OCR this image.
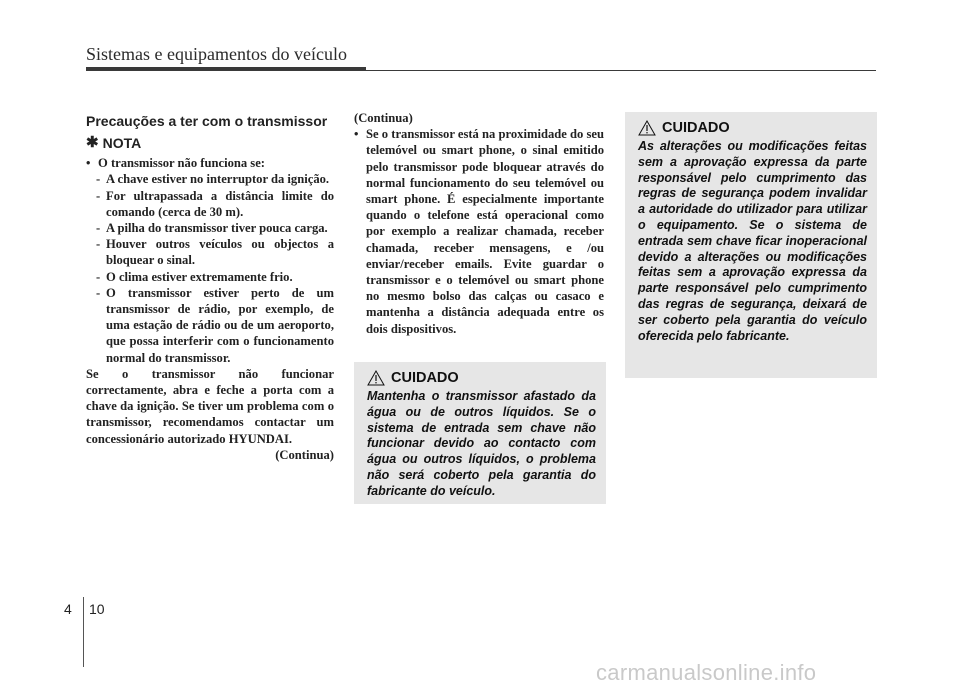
Sistemas e equipamentos do veículo
Precauções a ter com o transmissor
✱ NOTA
• O transmissor não funciona se:
- A chave estiver no interruptor da ignição.
- For ultrapassada a distância limite do comando (cerca de 30 m).
- A pilha do transmissor tiver pouca carga.
- Houver outros veículos ou objectos a bloquear o sinal.
- O clima estiver extremamente frio.
- O transmissor estiver perto de um transmissor de rádio, por exemplo, de uma estação de rádio ou de um aeroporto, que possa interferir com o funcionamento normal do transmissor.
Se o transmissor não funcionar correctamente, abra e feche a porta com a chave da ignição. Se tiver um problema com o transmissor, recomendamos contactar um concessionário autorizado HYUNDAI.
(Continua)
(Continua)
• Se o transmissor está na proximidade do seu telemóvel ou smart phone, o sinal emitido pelo transmissor pode bloquear através do normal funcionamento do seu telemóvel ou smart phone. É especialmente importante quando o telefone está operacional como por exemplo a realizar chamada, receber chamada, receber mensagens, e /ou enviar/receber emails. Evite guardar o transmissor e o telemóvel ou smart phone no mesmo bolso das calças ou casaco e mantenha a distância adequada entre os dois dispositivos.
CUIDADO
Mantenha o transmissor afastado da água ou de outros líquidos. Se o sistema de entrada sem chave não funcionar devido ao contacto com água ou outros líquidos, o problema não será coberto pela garantia do fabricante do veículo.
CUIDADO
As alterações ou modificações feitas sem a aprovação expressa da parte responsável pelo cumprimento das regras de segurança podem invalidar a autoridade do utilizador para utilizar o equipamento. Se o sistema de entrada sem chave ficar inoperacional devido a alterações ou modificações feitas sem a aprovação expressa da parte responsável pelo cumprimento das regras de segurança, deixará de ser coberto pela garantia do veículo oferecida pelo fabricante.
4 10
carmanualsonline.info
